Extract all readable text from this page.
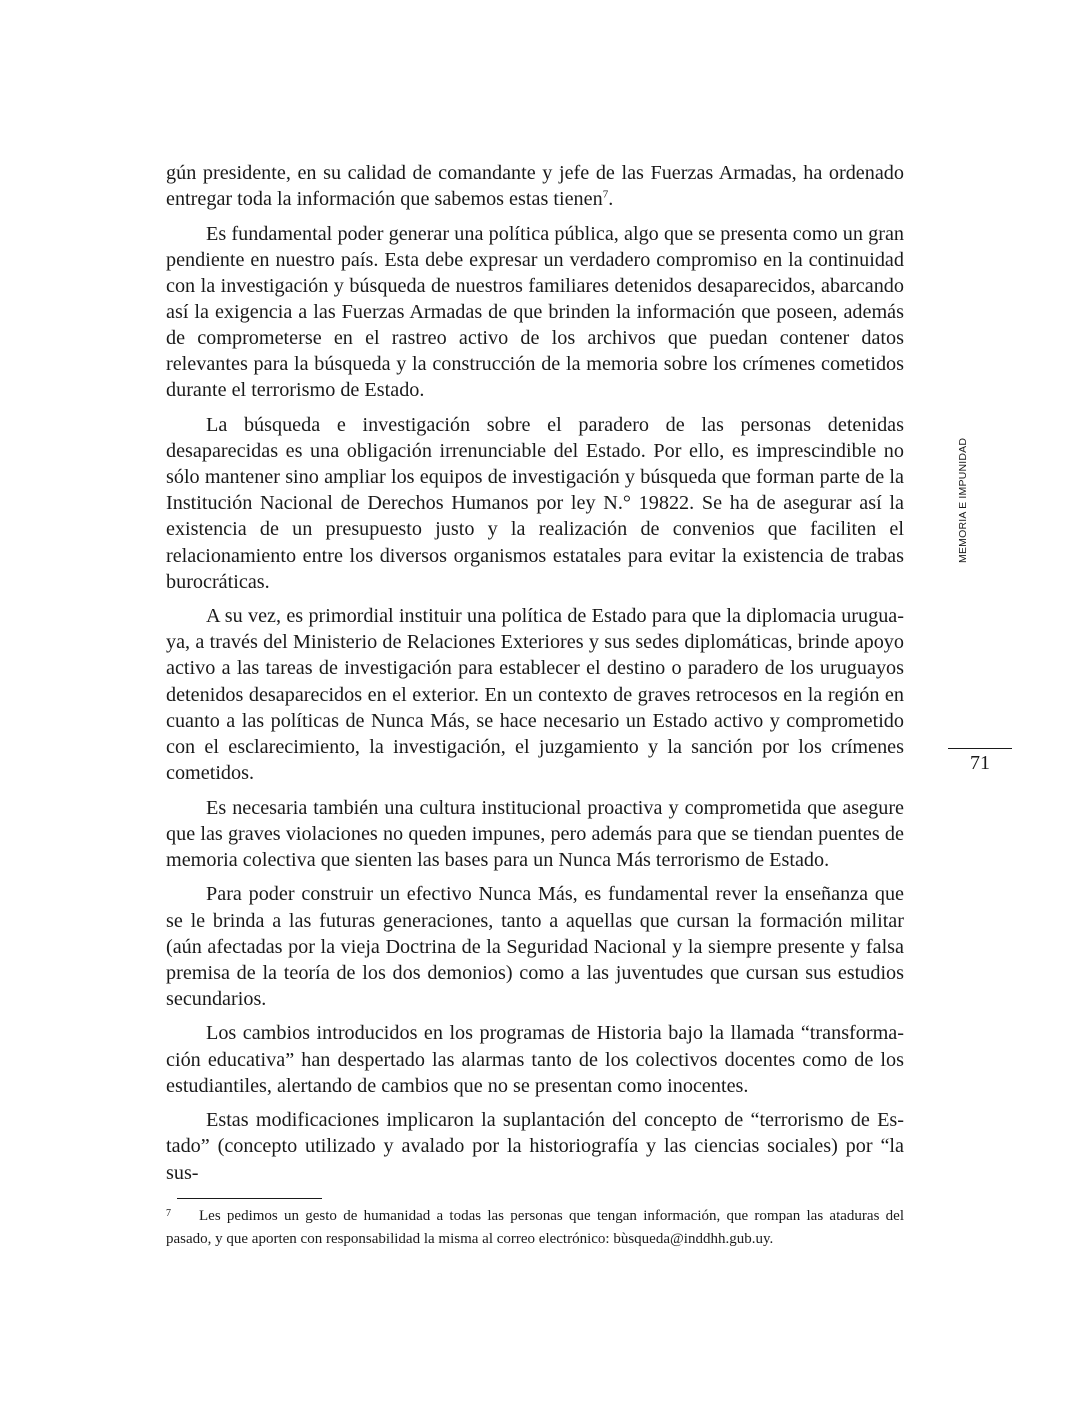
gún presidente, en su calidad de comandante y jefe de las Fuerzas Armadas, ha ordenado entregar toda la información que sabemos estas tienen$^7$.

Es fundamental poder generar una política pública, algo que se presenta como un gran pendiente en nuestro país. Esta debe expresar un verdadero compromiso en la continuidad con la investigación y búsqueda de nuestros familiares detenidos desaparecidos, abarcando así la exigencia a las Fuerzas Armadas de que brinden la información que poseen, además de comprometerse en el rastreo activo de los archivos que puedan contener datos relevantes para la búsqueda y la construcción de la memoria sobre los crímenes cometidos durante el terrorismo de Estado.

La búsqueda e investigación sobre el paradero de las personas detenidas desaparecidas es una obligación irrenunciable del Estado. Por ello, es imprescindible no sólo mantener sino ampliar los equipos de investigación y búsqueda que forman parte de la Institución Nacional de Derechos Humanos por ley N.° 19822. Se ha de asegurar así la existencia de un presupuesto justo y la realización de convenios que faciliten el relacionamiento entre los diversos organismos estatales para evitar la existencia de trabas burocráticas.

A su vez, es primordial instituir una política de Estado para que la diplomacia uruguaya, a través del Ministerio de Relaciones Exteriores y sus sedes diplomáticas, brinde apoyo activo a las tareas de investigación para establecer el destino o paradero de los uruguayos detenidos desaparecidos en el exterior. En un contexto de graves retrocesos en la región en cuanto a las políticas de Nunca Más, se hace necesario un Estado activo y comprometido con el esclarecimiento, la investigación, el juzgamiento y la sanción por los crímenes cometidos.

Es necesaria también una cultura institucional proactiva y comprometida que asegure que las graves violaciones no queden impunes, pero además para que se tiendan puentes de memoria colectiva que sienten las bases para un Nunca Más terrorismo de Estado.

Para poder construir un efectivo Nunca Más, es fundamental rever la enseñanza que se le brinda a las futuras generaciones, tanto a aquellas que cursan la formación militar (aún afectadas por la vieja Doctrina de la Seguridad Nacional y la siempre presente y falsa premisa de la teoría de los dos demonios) como a las juventudes que cursan sus estudios secundarios.

Los cambios introducidos en los programas de Historia bajo la llamada “transformación educativa” han despertado las alarmas tanto de los colectivos docentes como de los estudiantiles, alertando de cambios que no se presentan como inocentes.

Estas modificaciones implicaron la suplantación del concepto de “terrorismo de Estado” (concepto utilizado y avalado por la historiografía y las ciencias sociales) por “la sus-

7 Les pedimos un gesto de humanidad a todas las personas que tengan información, que rompan las ataduras del pasado, y que aporten con responsabilidad la misma al correo electrónico: bùsqueda@inddhh.gub.uy.
MEMORIA E IMPUNIDAD
71
